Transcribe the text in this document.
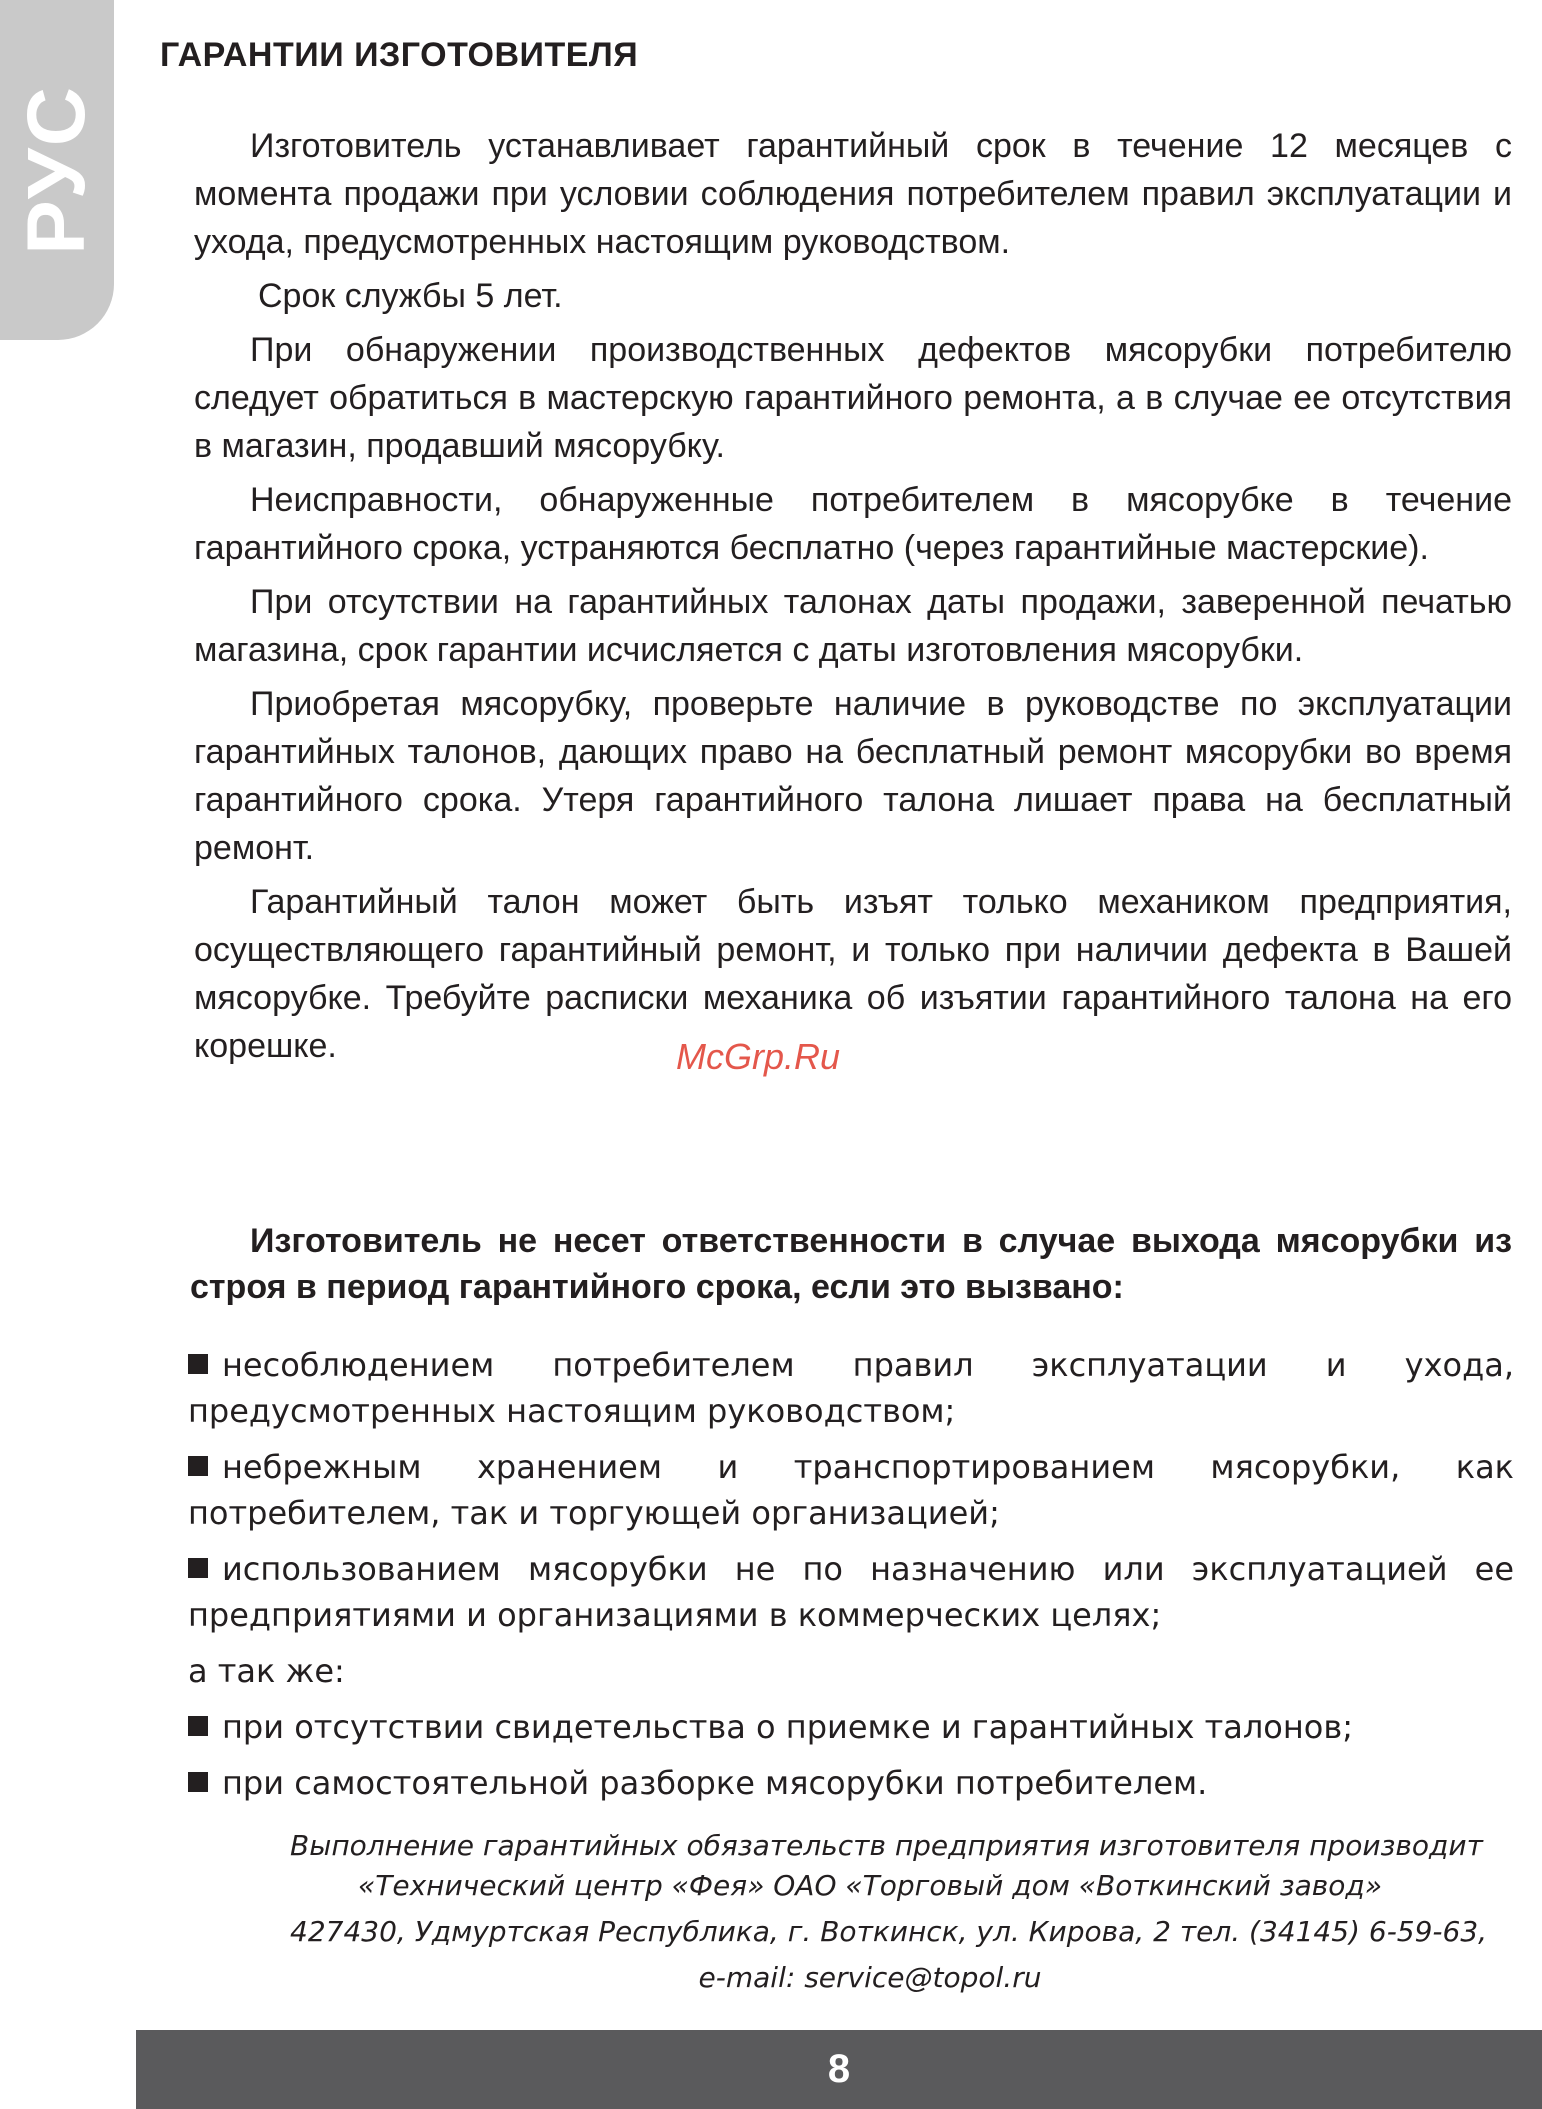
РУС
ГАРАНТИИ ИЗГОТОВИТЕЛЯ

Изготовитель устанавливает гарантийный срок в течение 12 месяцев с момента продажи при условии соблюдения потребителем правил эксплуатации и ухода, предусмотренных настоящим руководством.

Срок службы 5 лет.

При обнаружении производственных дефектов мясорубки потребителю следует обратиться в мастерскую гарантийного ремонта, а в случае ее отсутствия в магазин, продавший мясорубку.

Неисправности, обнаруженные потребителем в мясорубке в течение гарантийного срока, устраняются бесплатно (через гарантийные мастерские).

При отсутствии на гарантийных талонах даты продажи, заверенной печатью магазина, срок гарантии исчисляется с даты изготовления мясорубки.

Приобретая мясорубку, проверьте наличие в руководстве по эксплуатации гарантийных талонов, дающих право на бесплатный ремонт мясорубки во время гарантийного срока. Утеря гарантийного талона лишает права на бесплатный ремонт.

Гарантийный талон может быть изъят только механиком предприятия, осуществляющего гарантийный ремонт, и только при наличии дефекта в Вашей мясорубке. Требуйте расписки механика об изъятии гарантийного талона на его корешке.	McGrp.Ru

Изготовитель не несет ответственности в случае выхода мясорубки из строя в период гарантийного срока, если это вызвано:

несоблюдением потребителем правил эксплуатации и ухода, предусмотренных настоящим руководством;
небрежным хранением и транспортированием мясорубки, как потребителем, так и торгующей организацией;
использованием мясорубки не по назначению или эксплуатацией ее предприятиями и организациями в коммерческих целях;
а так же:
при отсутствии свидетельства о приемке и гарантийных талонов;
при самостоятельной разборке мясорубки потребителем.
Выполнение гарантийных обязательств предприятия изготовителя производит
«Технический центр «Фея» ОАО «Торговый дом «Воткинский завод»
427430, Удмуртская Республика, г. Воткинск, ул. Кирова, 2 тел. (34145) 6-59-63,
e-mail: service@topol.ru
8
